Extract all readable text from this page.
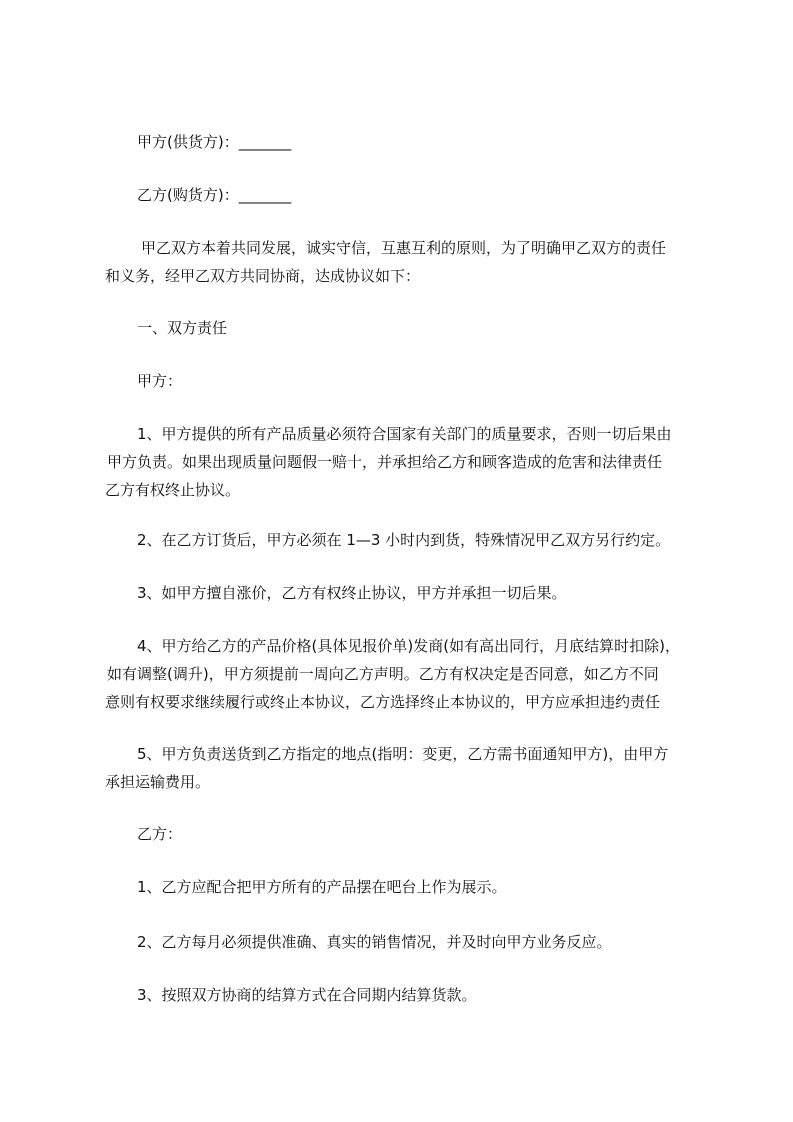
甲方(供货方)：_______
乙方(购货方)：_______
甲乙双方本着共同发展，诚实守信，互惠互利的原则，为了明确甲乙双方的责任
和义务，经甲乙双方共同协商，达成协议如下：
一、双方责任
甲方：
1、甲方提供的所有产品质量必须符合国家有关部门的质量要求，否则一切后果由
甲方负责。如果出现质量问题假一赔十，并承担给乙方和顾客造成的危害和法律责任
乙方有权终止协议。
2、在乙方订货后，甲方必须在 1—3 小时内到货，特殊情况甲乙双方另行约定。
3、如甲方擅自涨价，乙方有权终止协议，甲方并承担一切后果。
4、甲方给乙方的产品价格(具体见报价单)发商(如有高出同行，月底结算时扣除)，
如有调整(调升)，甲方须提前一周向乙方声明。乙方有权决定是否同意，如乙方不同
意则有权要求继续履行或终止本协议，乙方选择终止本协议的，甲方应承担违约责任
5、甲方负责送货到乙方指定的地点(指明：变更，乙方需书面通知甲方)，由甲方
承担运输费用。
乙方：
1、乙方应配合把甲方所有的产品摆在吧台上作为展示。
2、乙方每月必须提供准确、真实的销售情况，并及时向甲方业务反应。
3、按照双方协商的结算方式在合同期内结算货款。
